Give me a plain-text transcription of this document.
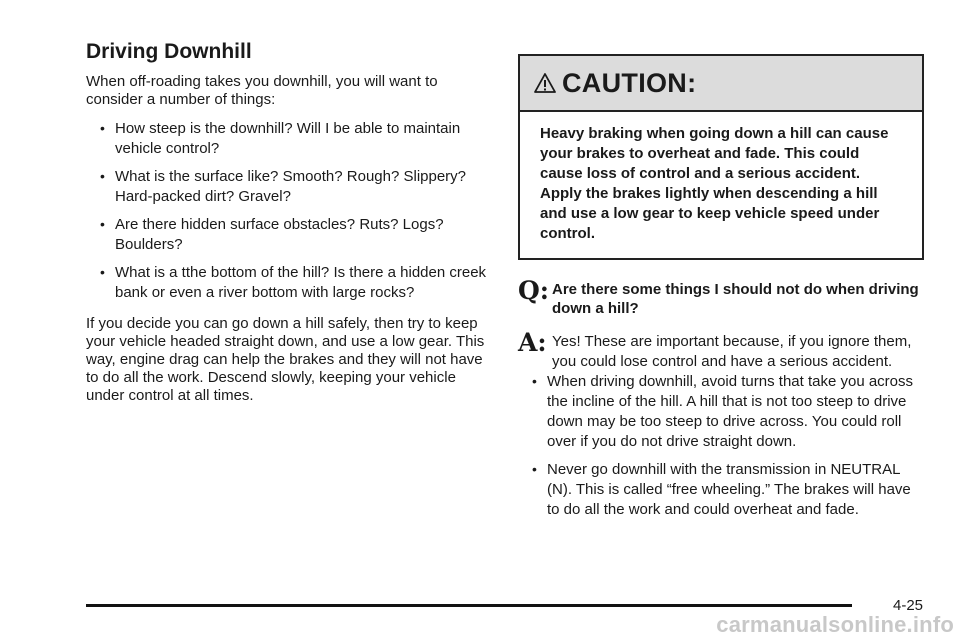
Driving Downhill

When off-roading takes you downhill, you will want to consider a number of things:

• How steep is the downhill? Will I be able to maintain vehicle control?
• What is the surface like? Smooth? Rough? Slippery? Hard-packed dirt? Gravel?
• Are there hidden surface obstacles? Ruts? Logs? Boulders?
• What is a tthe bottom of the hill? Is there a hidden creek bank or even a river bottom with large rocks?

If you decide you can go down a hill safely, then try to keep your vehicle headed straight down, and use a low gear. This way, engine drag can help the brakes and they will not have to do all the work. Descend slowly, keeping your vehicle under control at all times.

CAUTION:
Heavy braking when going down a hill can cause your brakes to overheat and fade. This could cause loss of control and a serious accident. Apply the brakes lightly when descending a hill and use a low gear to keep vehicle speed under control.
Q: Are there some things I should not do when driving down a hill?
A: Yes! These are important because, if you ignore them, you could lose control and have a serious accident.
• When driving downhill, avoid turns that take you across the incline of the hill. A hill that is not too steep to drive down may be too steep to drive across. You could roll over if you do not drive straight down.
• Never go downhill with the transmission in NEUTRAL (N). This is called “free wheeling.” The brakes will have to do all the work and could overheat and fade.
4-25
carmanualsonline.info
